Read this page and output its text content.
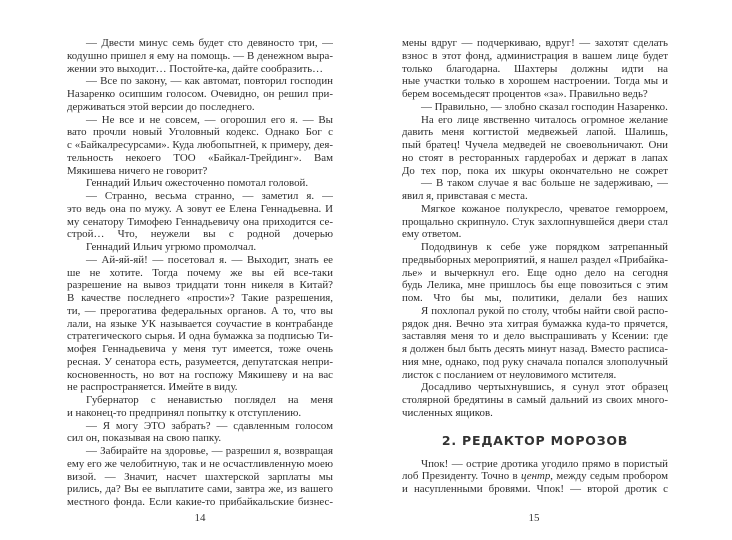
— Двести минус семь будет сто девяносто три, —
кодушно пришел я ему на помощь. — В денежном выра-
жении это выходит… Постойте-ка, дайте сообразить…
— Все по закону, — как автомат, повторил господин
Назаренко осипшим голосом. Очевидно, он решил при-
держиваться этой версии до последнего.
— Не все и не совсем, — огорошил его я. — Вы
вато прочли новый Уголовный кодекс. Однако Бог с
с «Байкалресурсами». Куда любопытней, к примеру, дея-
тельность некоего ТОО «Байкал-Трейдинг». Вам
Мякишева ничего не говорит?
Геннадий Ильич ожесточенно помотал головой.
— Странно, весьма странно, — заметил я. —
это ведь она по мужу. А зовут ее Елена Геннадьевна. И
му сенатору Тимофею Геннадьевичу она приходится се-
строй… Что, неужели вы с родной дочерью
Геннадий Ильич угрюмо промолчал.
— Ай-яй-яй! — посетовал я. — Выходит, знать ее
ше не хотите. Тогда почему же вы ей все-таки
разрешение на вывоз тридцати тонн никеля в Китай?
В качестве последнего «прости»? Такие разрешения,
ти, — прерогатива федеральных органов. А то, что вы
лали, на языке УК называется соучастие в контрабанде
стратегического сырья. И одна бумажка за подписью Ти-
мофея Геннадьевича у меня тут имеется, тоже очень
ресная. У сенатора есть, разумеется, депутатская непри-
косновенность, но вот на госпожу Мякишеву и на вас
не распространяется. Имейте в виду.
Губернатор с ненавистью поглядел на меня
и наконец-то предпринял попытку к отступлению.
— Я могу ЭТО забрать? — сдавленным голосом
сил он, показывая на свою папку.
— Забирайте на здоровье, — разрешил я, возвращая
ему его же челобитную, так и не осчастливленную моею
визой. — Значит, насчет шахтерской зарплаты мы
рились, да? Вы ее выплатите сами, завтра же, из вашего
местного фонда. Если какие-то прибайкальские бизнес-
14
мены вдруг — подчеркиваю, вдруг! — захотят сделать
взнос в этот фонд, администрация в вашем лице будет
только благодарна. Шахтеры должны идти на
ные участки только в хорошем настроении. Тогда мы и
берем восемьдесят процентов «за». Правильно ведь?
— Правильно, — злобно сказал господин Назаренко.
На его лице явственно читалось огромное желание
давить меня когтистой медвежьей лапой. Шалишь,
пый братец! Чучела медведей не своевольничают. Они
но стоят в ресторанных гардеробах и держат в лапах
До тех пор, пока их шкуры окончательно не сожрет
— В таком случае я вас больше не задерживаю, —
явил я, привставая с места.
Мягкое кожаное полукресло, чреватое геморроем,
прощально скрипнуло. Стук захлопнувшейся двери стал
ему ответом.
Пододвинув к себе уже порядком затрепанный
предвыборных мероприятий, я нашел раздел «Прибайка-
лье» и вычеркнул его. Еще одно дело на сегодня
будь Лелика, мне пришлось бы еще повозиться с этим
пом. Что бы мы, политики, делали без наших
Я похлопал рукой по столу, чтобы найти свой распо-
рядок дня. Вечно эта хитрая бумажка куда-то прячется,
заставляя меня то и дело выспрашивать у Ксении: где
я должен был быть десять минут назад. Вместо расписа-
ния мне, однако, под руку сначала попался злополучный
листок с посланием от неуловимого мстителя.
Досадливо чертыхнувшись, я сунул этот образец
столярной бредятины в самый дальний из своих много-
численных ящиков.
2. РЕДАКТОР МОРОЗОВ
Чпок! — острие дротика угодило прямо в пористый
лоб Президенту. Точно в центр, между седым пробором
и насупленными бровями. Чпок! — второй дротик с
15
